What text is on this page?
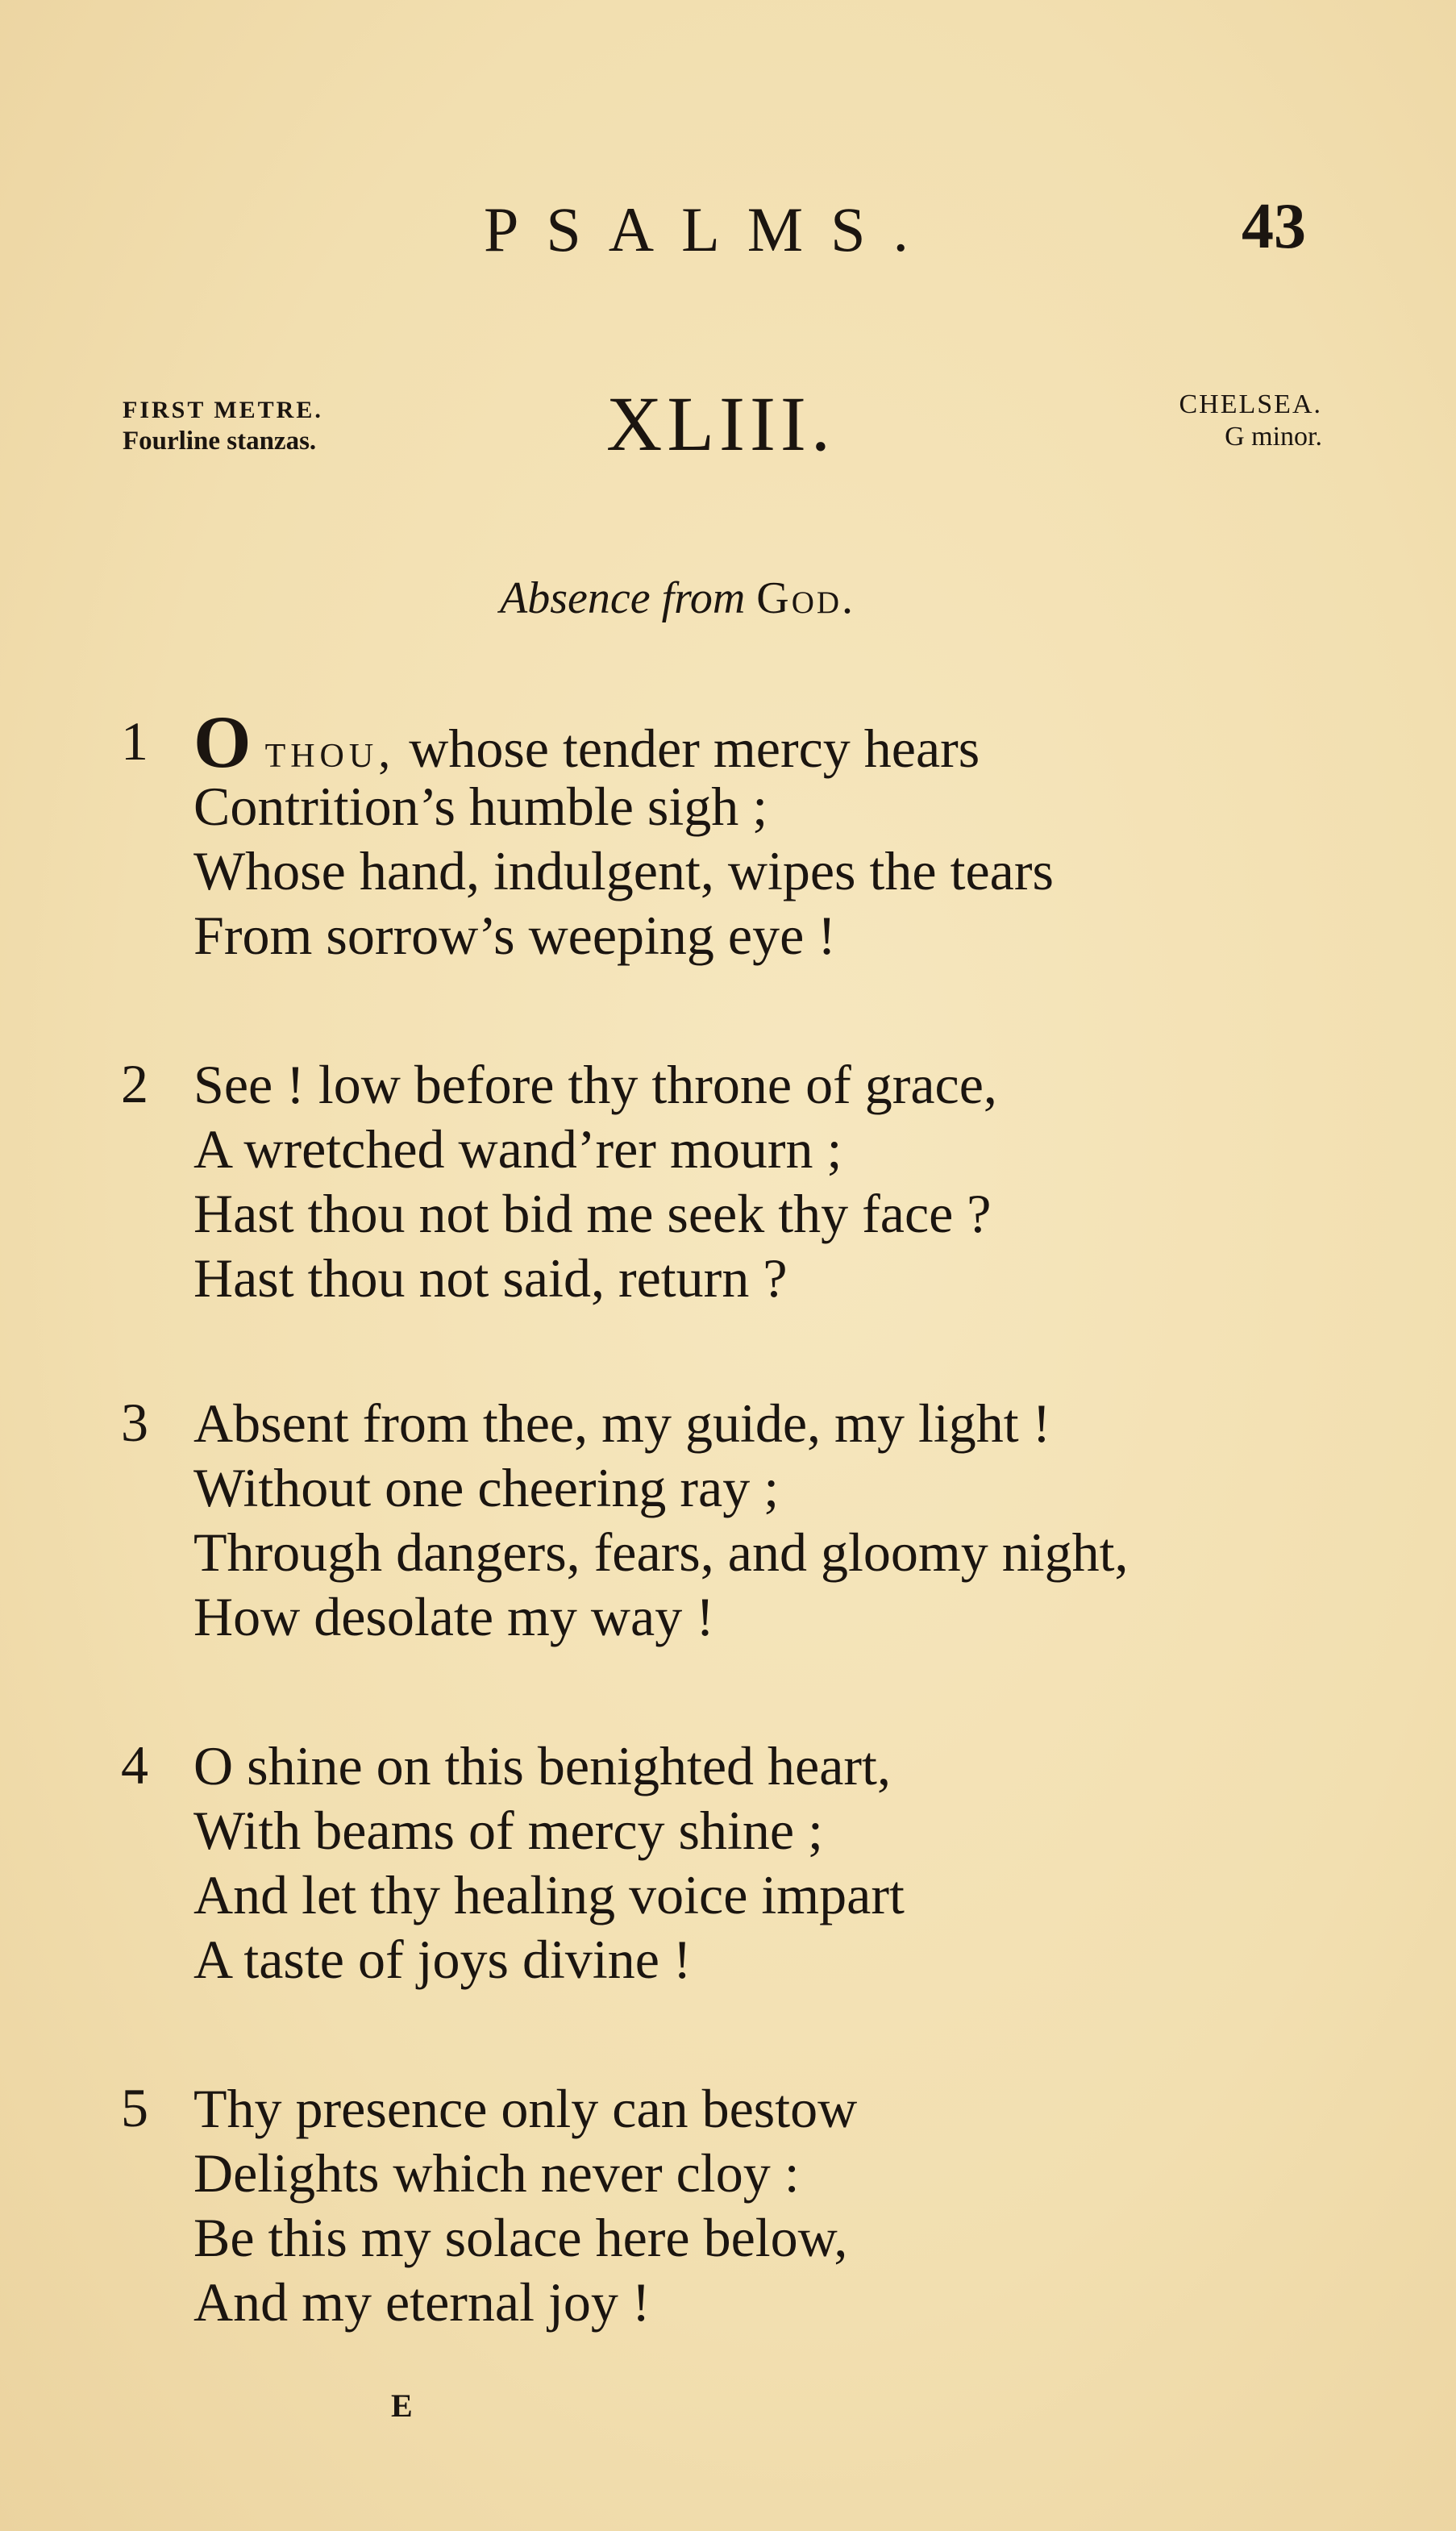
PSALMS.	43
FIRST METRE.
Fourline stanzas.	XLIII.	CHELSEA.
G minor.
Absence from God.
1 O thou, whose tender mercy hears
Contrition’s humble sigh ;
Whose hand, indulgent, wipes the tears
From sorrow’s weeping eye !
2 See ! low before thy throne of grace,
A wretched wand’rer mourn ;
Hast thou not bid me seek thy face ?
Hast thou not said, return ?
3 Absent from thee, my guide, my light !
Without one cheering ray ;
Through dangers, fears, and gloomy night,
How desolate my way !
4 O shine on this benighted heart,
With beams of mercy shine ;
And let thy healing voice impart
A taste of joys divine !
5 Thy presence only can bestow
Delights which never cloy :
Be this my solace here below,
And my eternal joy !
E
